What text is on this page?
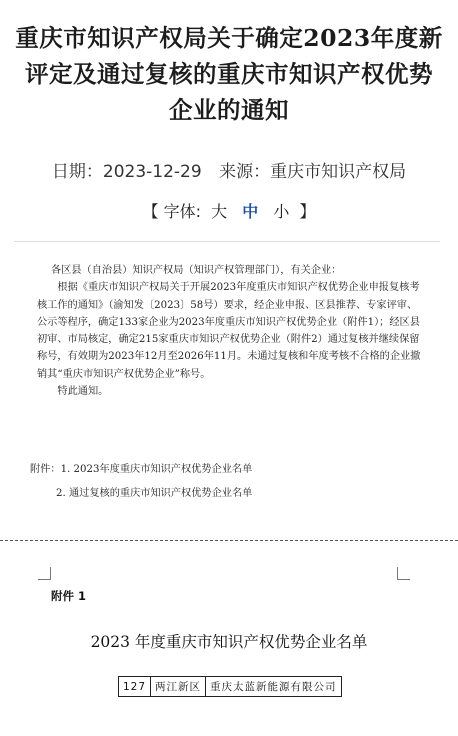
重庆市知识产权局关于确定2023年度新评定及通过复核的重庆市知识产权优势企业的通知
日期：2023-12-29 来源：重庆市知识产权局
【 字体: 大 中 小 】

各区县（自治县）知识产权局（知识产权管理部门），有关企业：

根据《重庆市知识产权局关于开展2023年度重庆市知识产权优势企业申报复核考核工作的通知》（渝知发〔2023〕58号）要求，经企业申报、区县推荐、专家评审、公示等程序，确定133家企业为2023年度重庆市知识产权优势企业（附件1）；经区县初审、市局核定，确定215家重庆市知识产权优势企业（附件2）通过复核并继续保留称号，有效期为2023年12月至2026年11月。未通过复核和年度考核不合格的企业撤销其“重庆市知识产权优势企业”称号。

特此通知。

附件：1. 2023年度重庆市知识产权优势企业名单
2. 通过复核的重庆市知识产权优势企业名单
附件 1
2023 年度重庆市知识产权优势企业名单
127	两江新区	重庆太蓝新能源有限公司
